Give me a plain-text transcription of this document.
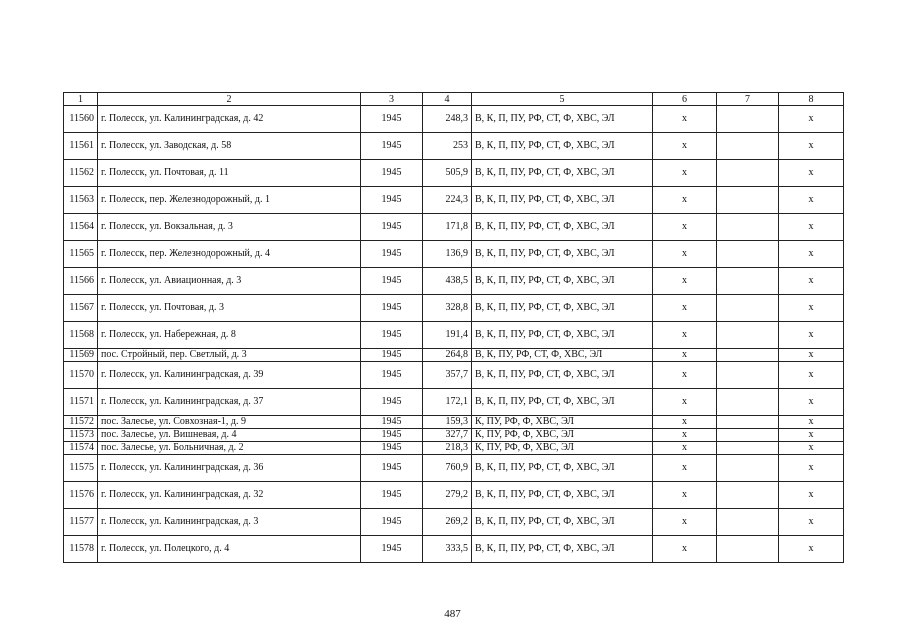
1	2	3	4	5	6	7	8
11560	г. Полесск, ул. Калининградская, д. 42	1945	248,3	В, К, П, ПУ, РФ, СТ, Ф, ХВС, ЭЛ	x		x
11561	г. Полесск, ул. Заводская, д. 58	1945	253	В, К, П, ПУ, РФ, СТ, Ф, ХВС, ЭЛ	x		x
11562	г. Полесск, ул. Почтовая, д. 11	1945	505,9	В, К, П, ПУ, РФ, СТ, Ф, ХВС, ЭЛ	x		x
11563	г. Полесск, пер. Железнодорожный, д. 1	1945	224,3	В, К, П, ПУ, РФ, СТ, Ф, ХВС, ЭЛ	x		x
11564	г. Полесск, ул. Вокзальная, д. 3	1945	171,8	В, К, П, ПУ, РФ, СТ, Ф, ХВС, ЭЛ	x		x
11565	г. Полесск, пер. Железнодорожный, д. 4	1945	136,9	В, К, П, ПУ, РФ, СТ, Ф, ХВС, ЭЛ	x		x
11566	г. Полесск, ул. Авиационная, д. 3	1945	438,5	В, К, П, ПУ, РФ, СТ, Ф, ХВС, ЭЛ	x		x
11567	г. Полесск, ул. Почтовая, д. 3	1945	328,8	В, К, П, ПУ, РФ, СТ, Ф, ХВС, ЭЛ	x		x
11568	г. Полесск, ул. Набережная, д. 8	1945	191,4	В, К, П, ПУ, РФ, СТ, Ф, ХВС, ЭЛ	x		x
11569	пос. Стройный, пер. Светлый, д. 3	1945	264,8	В, К, ПУ, РФ, СТ, Ф, ХВС, ЭЛ	x		x
11570	г. Полесск, ул. Калининградская, д. 39	1945	357,7	В, К, П, ПУ, РФ, СТ, Ф, ХВС, ЭЛ	x		x
11571	г. Полесск, ул. Калининградская, д. 37	1945	172,1	В, К, П, ПУ, РФ, СТ, Ф, ХВС, ЭЛ	x		x
11572	пос. Залесье, ул. Совхозная-1, д. 9	1945	159,3	К, ПУ, РФ, Ф, ХВС, ЭЛ	x		x
11573	пос. Залесье, ул. Вишневая, д. 4	1945	327,7	К, ПУ, РФ, Ф, ХВС, ЭЛ	x		x
11574	пос. Залесье, ул. Больничная, д. 2	1945	218,3	К, ПУ, РФ, Ф, ХВС, ЭЛ	x		x
11575	г. Полесск, ул. Калининградская, д. 36	1945	760,9	В, К, П, ПУ, РФ, СТ, Ф, ХВС, ЭЛ	x		x
11576	г. Полесск, ул. Калининградская, д. 32	1945	279,2	В, К, П, ПУ, РФ, СТ, Ф, ХВС, ЭЛ	x		x
11577	г. Полесск, ул. Калининградская, д. 3	1945	269,2	В, К, П, ПУ, РФ, СТ, Ф, ХВС, ЭЛ	x		x
11578	г. Полесск, ул. Полецкого, д. 4	1945	333,5	В, К, П, ПУ, РФ, СТ, Ф, ХВС, ЭЛ	x		x
487
